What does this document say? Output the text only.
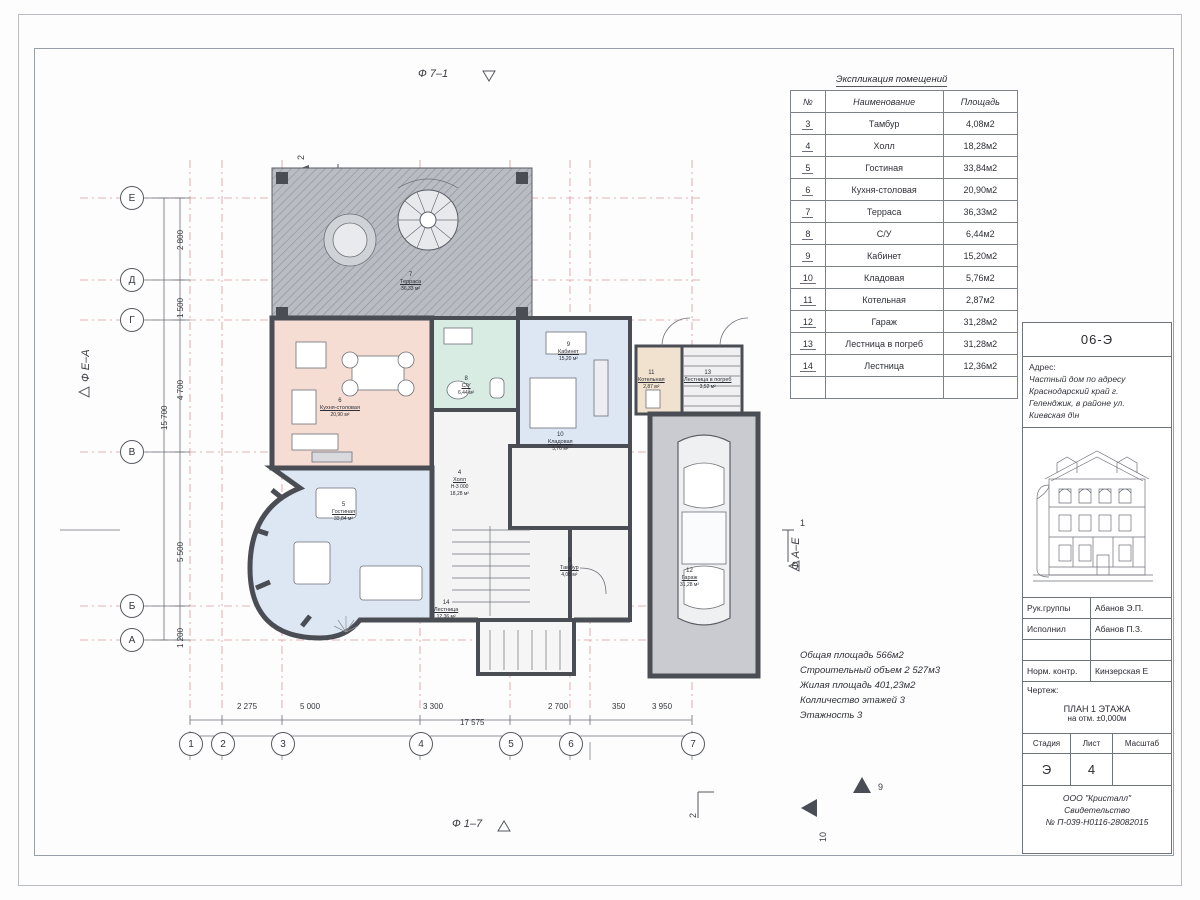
Ф 7–1
Ф 1–7
Ф Е–А
Ф А–Е
2
1
2
9
10
Экспликация помещений
№	Наименование	Площадь
3	Тамбур	4,08м2
4	Холл	18,28м2
5	Гостиная	33,84м2
6	Кухня-столовая	20,90м2
7	Терраса	36,33м2
8	С/У	6,44м2
9	Кабинет	15,20м2
10	Кладовая	5,76м2
11	Котельная	2,87м2
12	Гараж	31,28м2
13	Лестница в погреб	31,28м2
14	Лестница	12,36м2

Общая площадь 566м2
Строительный объем 2 527м3
Жилая площадь 401,23м2
Колличество этажей 3
Этажность 3
06-Э
Адрес:
Частный дом по адресу
Краснодарский край г.
Геленджик, в районе ул.
Киевская д\н
Рук.группы	Абанов Э.П.
Исполнил	Абанов П.З.
Норм. контр.	Кинзерская Е
Чертеж:
ПЛАН 1 ЭТАЖА
на отм. ±0,000м
Стадия	Лист	Масштаб
Э	4
ООО "Кристалл"
Свидетельство
№ П-039-Н0116-28082015
7
Терраса
36,33 м²
9
Кабинет
15,20 м²
8
С/У
6,44 м²
11
Котельная
2,87 м²
13
Лестница в погреб
3,52 м²
6
Кухня-столовая
20,90 м²
10
Кладовая
5,76 м²
4
Холл
Н-3 000
18,28 м²
5
Гостиная
33,84 м²
3
Тамбур
4,08 м²
14
Лестница
12,36 м²
12
Гараж
31,28 м²
Е
Д
Г
В
Б
А
1	2	3	4	5	6	7
2 800
1 500
4 700
5 500
1 200
15 700
2 275	5 000	3 300	2 700	350	3 950
17 575
